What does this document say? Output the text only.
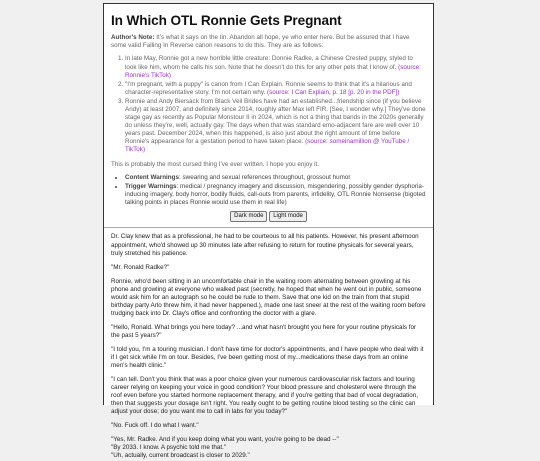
In Which OTL Ronnie Gets Pregnant
Author's Note: It's what it says on the tin. Abandon all hope, ye who enter here. But be assured that I have some valid Falling In Reverse canon reasons to do this. They are as follows:
1. In late May, Ronnie got a new horrible little creature: Donnie Radke, a Chinese Crested puppy, styled to look like him, whom he calls his son. Note that he doesn't do this for any other pets that I know of. (source: Ronnie's TikTok)
2. "I'm pregnant, with a puppy" is canon from I Can Explain. Ronnie seems to think that it's a hilarious and character-representative story. I'm not certain why. (source: I Can Explain, p. 18 [p. 20 in the PDF])
3. Ronnie and Andy Biersack from Black Veil Brides have had an established...friendship since (if you believe Andy) at least 2007, and definitely since 2014, roughly after Max left FIR. [See, I wonder why.] They've done stage gay as recently as Popular Monstour II in 2024, which is not a thing that bands in the 2020s generally do unless they're, well, actually gay. The days when that was standard emo-adjacent fare are well over 10 years past. December 2024, when this happened, is also just about the right amount of time before Ronnie's appearance for a gestation period to have taken place. (source: someinamillion @ YouTube / TikTok)
This is probably the most cursed thing I've ever written. I hope you enjoy it.
• Content Warnings: swearing and sexual references throughout, grossout humor
• Trigger Warnings: medical / pregnancy imagery and discussion, misgendering, possibly gender dysphoria-inducing imagery, body horror, bodily fluids, call-outs from parents, infidelity, OTL Ronnie Nonsense (bigoted talking points in places Ronnie would use them in real life)
Dark mode Light mode

Dr. Clay knew that as a professional, he had to be courteous to all his patients. However, his present afternoon appointment, who'd showed up 30 minutes late after refusing to return for routine physicals for several years, truly stretched his patience.

"Mr. Ronald Radke?"

Ronnie, who'd been sitting in an uncomfortable chair in the waiting room alternating between growling at his phone and growling at everyone who walked past (secretly, he hoped that when he went out in public, someone would ask him for an autograph so he could be rude to them. Save that one kid on the train from that stupid birthday party Arlo threw him, it had never happened.), made one last sneer at the rest of the waiting room before trudging back into Dr. Clay's office and confronting the doctor with a glare.

"Hello, Ronald. What brings you here today? ...and what hasn't brought you here for your routine physicals for the past 5 years?"

"I told you, I'm a touring musician. I don't have time for doctor's appointments, and I have people who deal with it if I get sick while I'm on tour. Besides, I've been getting most of my...medications these days from an online men's health clinic."

"I can tell. Don't you think that was a poor choice given your numerous cardiovascular risk factors and touring career relying on keeping your voice in good condition? Your blood pressure and cholesterol were through the roof even before you started hormone replacement therapy, and if you're getting that bad of vocal degradation, then that suggests your dosage isn't right. You really ought to be getting routine blood testing so the clinic can adjust your dose; do you want me to call in labs for you today?"

"No. Fuck off. I do what I want."

"Yes, Mr. Radke. And if you keep doing what you want, you're going to be dead --"

"By 2033. I know. A psychic told me that."

"Uh, actually, current broadcast is closer to 2029."
